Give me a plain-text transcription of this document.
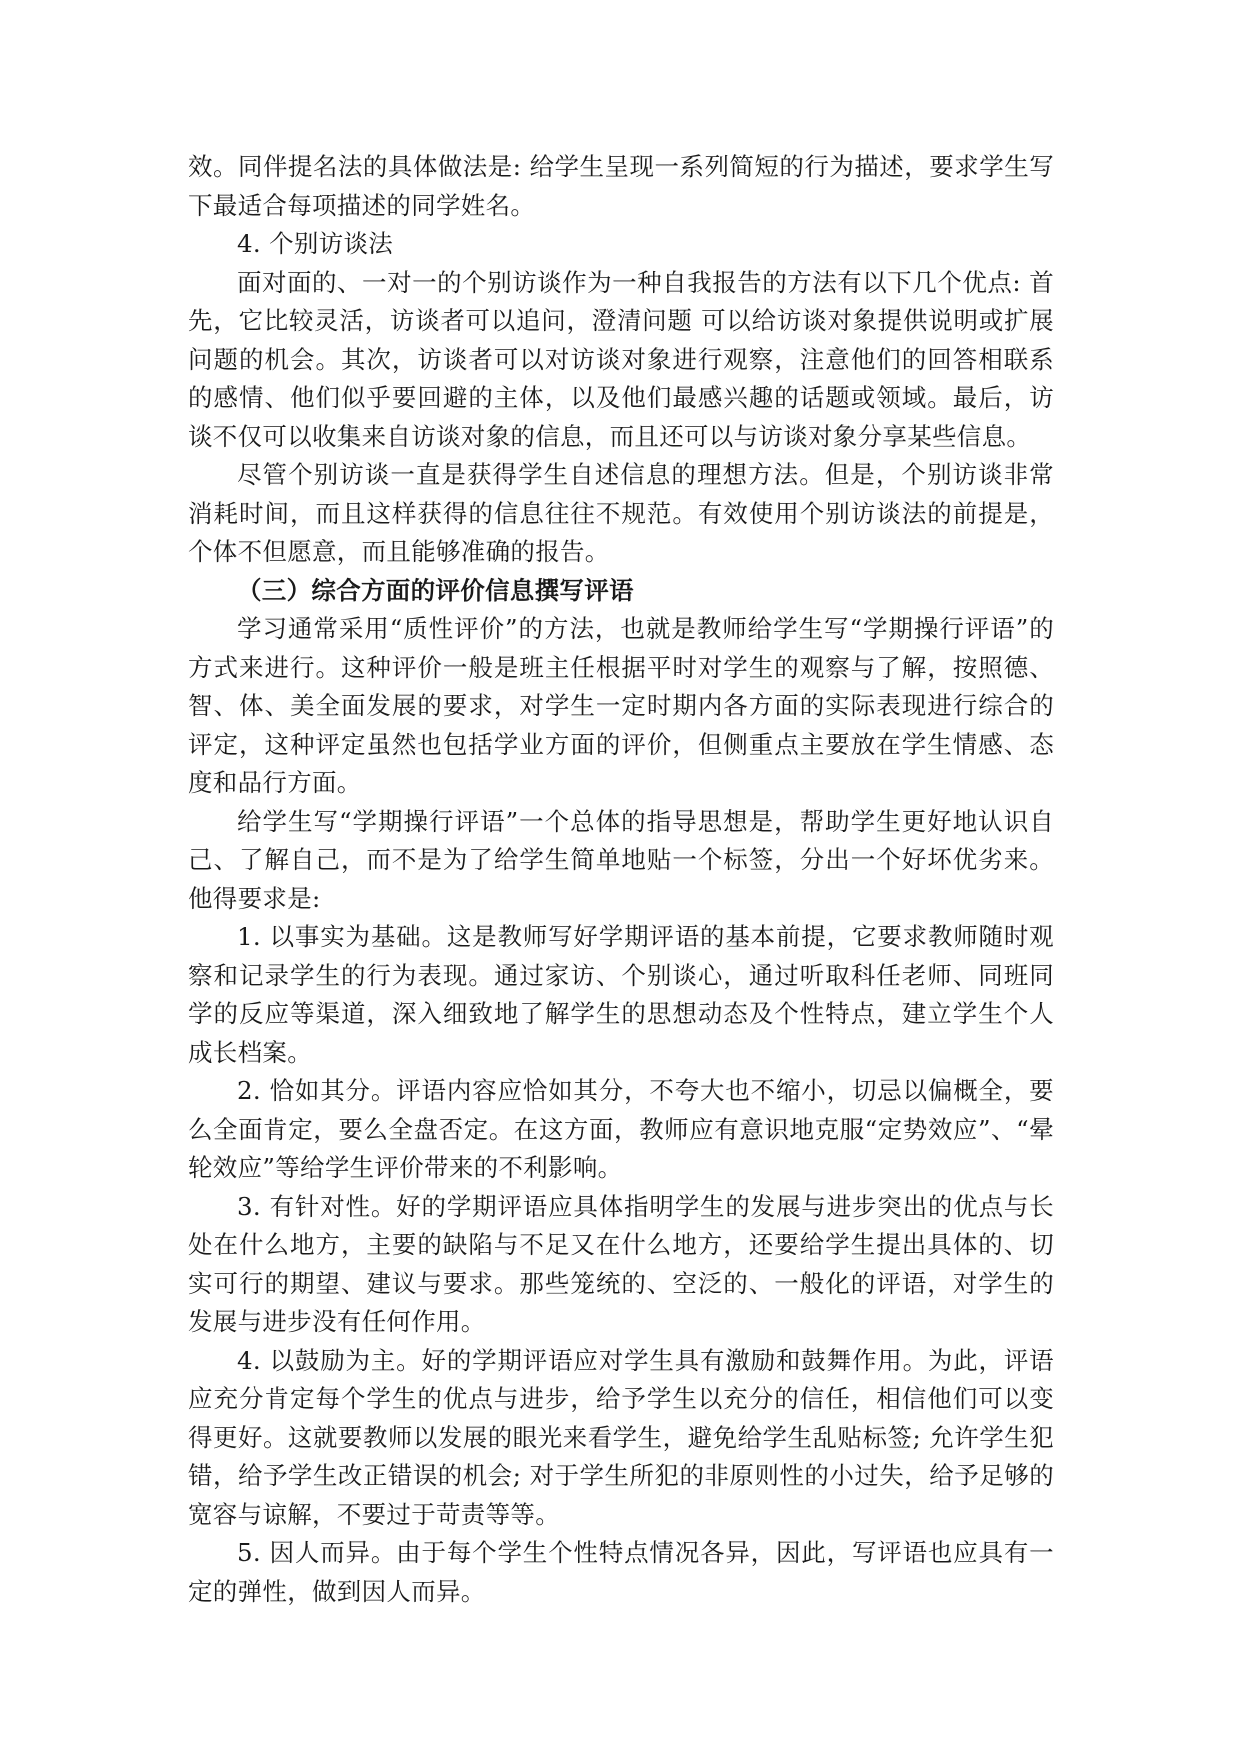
效。同伴提名法的具体做法是: 给学生呈现一系列简短的行为描述，要求学生写下最适合每项描述的同学姓名。

4. 个别访谈法

面对面的、一对一的个别访谈作为一种自我报告的方法有以下几个优点: 首先，它比较灵活，访谈者可以追问，澄清问题 可以给访谈对象提供说明或扩展问题的机会。其次，访谈者可以对访谈对象进行观察，注意他们的回答相联系的感情、他们似乎要回避的主体，以及他们最感兴趣的话题或领域。最后，访谈不仅可以收集来自访谈对象的信息，而且还可以与访谈对象分享某些信息。

尽管个别访谈一直是获得学生自述信息的理想方法。但是，个别访谈非常消耗时间，而且这样获得的信息往往不规范。有效使用个别访谈法的前提是，个体不但愿意，而且能够准确的报告。

（三）综合方面的评价信息撰写评语

学习通常采用“质性评价”的方法，也就是教师给学生写“学期操行评语”的方式来进行。这种评价一般是班主任根据平时对学生的观察与了解，按照德、智、体、美全面发展的要求，对学生一定时期内各方面的实际表现进行综合的评定，这种评定虽然也包括学业方面的评价，但侧重点主要放在学生情感、态度和品行方面。

给学生写“学期操行评语”一个总体的指导思想是，帮助学生更好地认识自己、了解自己，而不是为了给学生简单地贴一个标签，分出一个好坏优劣来。他得要求是:

1. 以事实为基础。这是教师写好学期评语的基本前提，它要求教师随时观察和记录学生的行为表现。通过家访、个别谈心，通过听取科任老师、同班同学的反应等渠道，深入细致地了解学生的思想动态及个性特点，建立学生个人成长档案。

2. 恰如其分。评语内容应恰如其分，不夸大也不缩小，切忌以偏概全，要么全面肯定，要么全盘否定。在这方面，教师应有意识地克服“定势效应”、“晕轮效应”等给学生评价带来的不利影响。

3. 有针对性。好的学期评语应具体指明学生的发展与进步突出的优点与长处在什么地方，主要的缺陷与不足又在什么地方，还要给学生提出具体的、切实可行的期望、建议与要求。那些笼统的、空泛的、一般化的评语，对学生的发展与进步没有任何作用。

4. 以鼓励为主。好的学期评语应对学生具有激励和鼓舞作用。为此，评语应充分肯定每个学生的优点与进步，给予学生以充分的信任，相信他们可以变得更好。这就要教师以发展的眼光来看学生，避免给学生乱贴标签; 允许学生犯错，给予学生改正错误的机会; 对于学生所犯的非原则性的小过失，给予足够的宽容与谅解，不要过于苛责等等。

5. 因人而异。由于每个学生个性特点情况各异，因此，写评语也应具有一定的弹性，做到因人而异。
